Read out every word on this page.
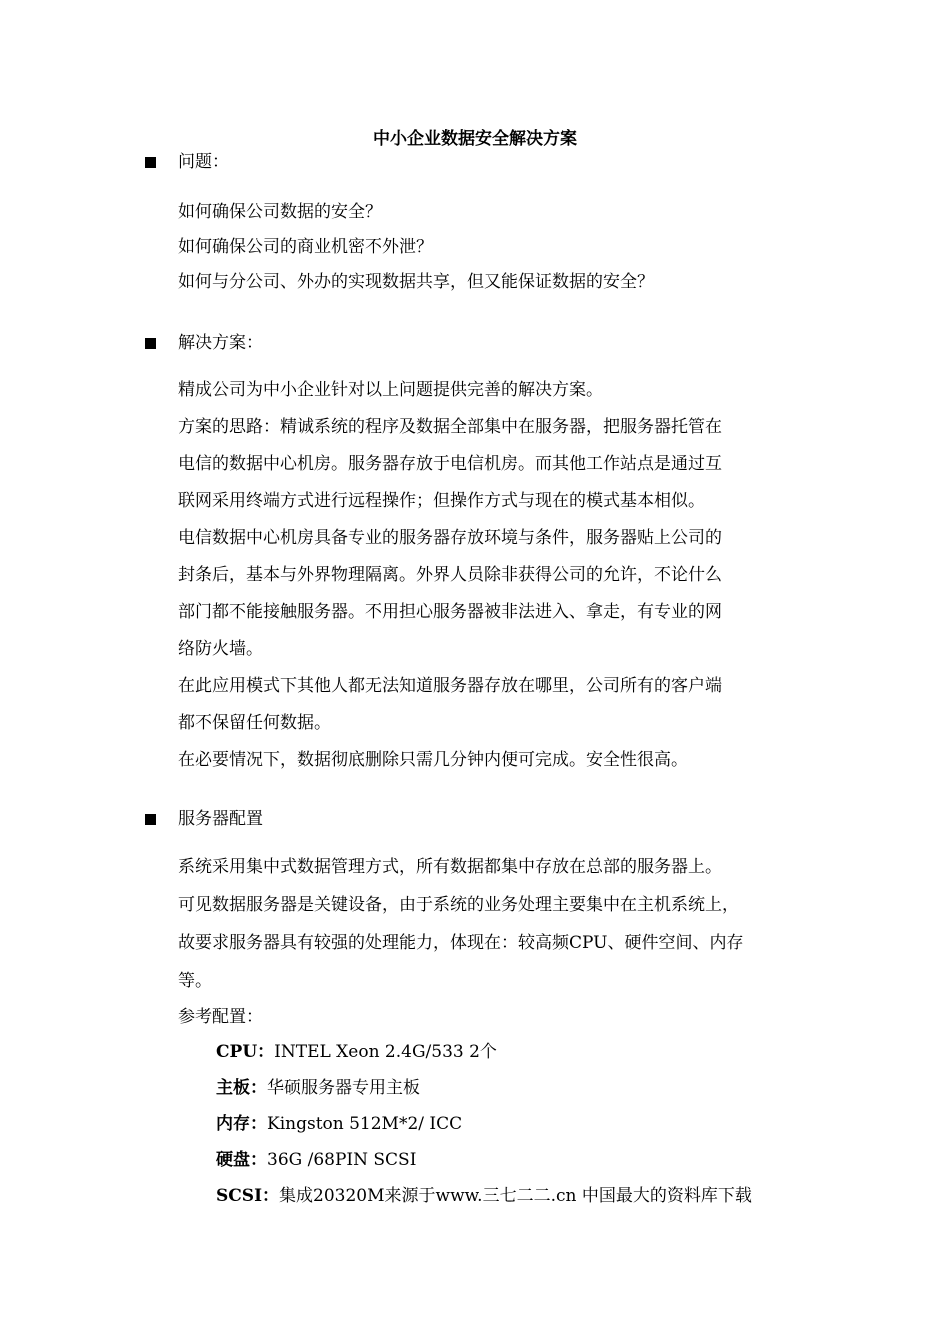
中小企业数据安全解决方案
问题：
如何确保公司数据的安全？
如何确保公司的商业机密不外泄？
如何与分公司、外办的实现数据共享，但又能保证数据的安全？
解决方案：
精成公司为中小企业针对以上问题提供完善的解决方案。
方案的思路：精诚系统的程序及数据全部集中在服务器，把服务器托管在
电信的数据中心机房。服务器存放于电信机房。而其他工作站点是通过互
联网采用终端方式进行远程操作；但操作方式与现在的模式基本相似。
电信数据中心机房具备专业的服务器存放环境与条件，服务器贴上公司的
封条后，基本与外界物理隔离。外界人员除非获得公司的允许，不论什么
部门都不能接触服务器。不用担心服务器被非法进入、拿走，有专业的网
络防火墙。
在此应用模式下其他人都无法知道服务器存放在哪里，公司所有的客户端
都不保留任何数据。
在必要情况下，数据彻底删除只需几分钟内便可完成。安全性很高。
服务器配置
系统采用集中式数据管理方式，所有数据都集中存放在总部的服务器上。
可见数据服务器是关键设备，由于系统的业务处理主要集中在主机系统上，
故要求服务器具有较强的处理能力，体现在：较高频CPU、硬件空间、内存
等。
参考配置：
CPU：INTEL Xeon 2.4G/533 2个
主板：华硕服务器专用主板
内存：Kingston 512M*2/ ICC
硬盘：36G /68PIN SCSI
SCSI：集成20320M来源于www.三七二二.cn 中国最大的资料库下载
